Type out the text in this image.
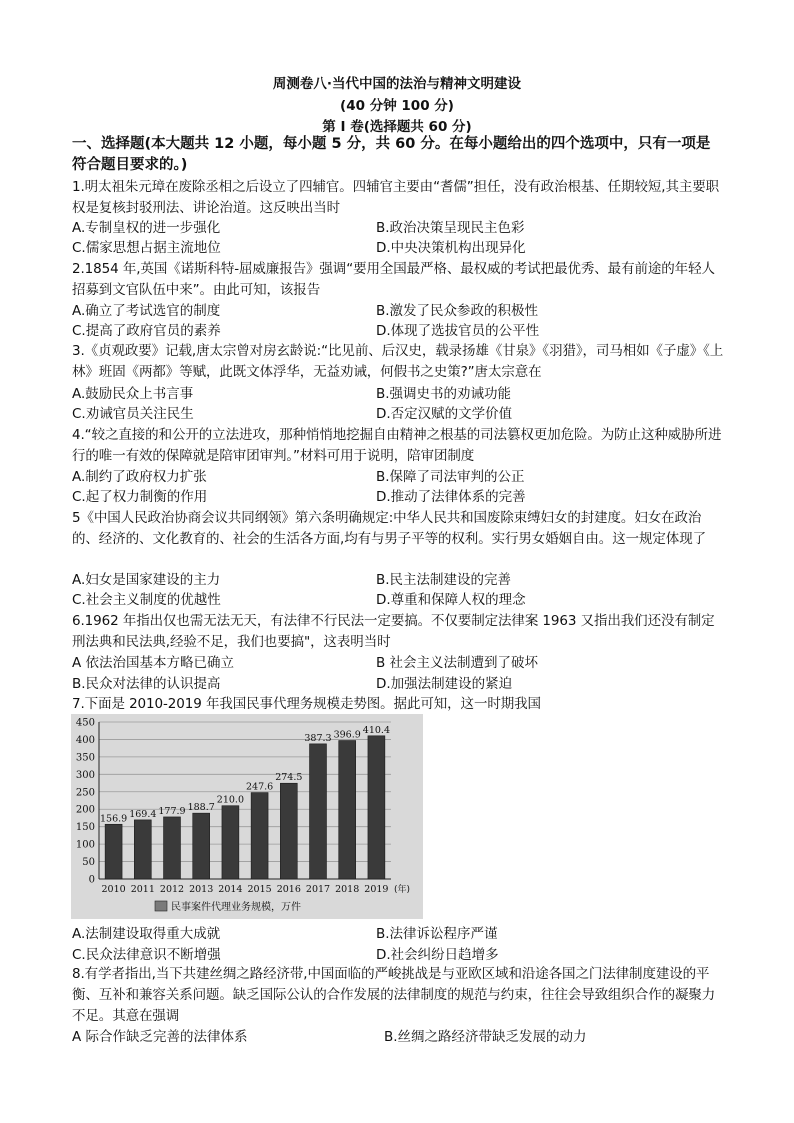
周测卷八·当代中国的法治与精神文明建设
(40 分钟 100 分)
第 I 卷(选择题共 60 分)
一、选择题(本大题共 12 小题，每小题 5 分，共 60 分。在每小题给出的四个选项中，只有一项是符合题目要求的。)
1.明太祖朱元璋在废除丞相之后设立了四辅官。四辅官主要由“耆儒”担任，没有政治根基、任期较短,其主要职权是复核封驳刑法、讲论治道。这反映出当时
A.专制皇权的进一步强化	B.政治决策呈现民主色彩
C.儒家思想占据主流地位	D.中央决策机构出现异化
2.1854 年,英国《诺斯科特-屈威廉报告》强调“要用全国最严格、最权威的考试把最优秀、最有前途的年轻人招募到文官队伍中来”。由此可知，该报告
A.确立了考试选官的制度	B.激发了民众参政的积极性
C.提高了政府官员的素养	D.体现了选拔官员的公平性
3.《贞观政要》记载,唐太宗曾对房玄龄说:“比见前、后汉史，载录扬雄《甘泉》《羽猎》，司马相如《子虚》《上林》班固《两都》等赋，此既文体浮华，无益劝诫，何假书之史策?”唐太宗意在
A.鼓励民众上书言事	B.强调史书的劝诫功能
C.劝诫官员关注民生	D.否定汉赋的文学价值
4.“较之直接的和公开的立法进攻，那种悄悄地挖掘自由精神之根基的司法篡权更加危险。为防止这种威胁所进行的唯一有效的保障就是陪审团审判。”材料可用于说明，陪审团制度
A.制约了政府权力扩张	B.保障了司法审判的公正
C.起了权力制衡的作用	D.推动了法律体系的完善
5《中国人民政治协商会议共同纲领》第六条明确规定:中华人民共和国废除束缚妇女的封建度。妇女在政治的、经济的、文化教育的、社会的生活各方面,均有与男子平等的权利。实行男女婚姻自由。这一规定体现了
A.妇女是国家建设的主力	B.民主法制建设的完善
C.社会主义制度的优越性	D.尊重和保障人权的理念
6.1962 年指出仅也需无法无天，有法律不行民法一定要搞。不仅要制定法律案 1963 又指出我们还没有制定刑法典和民法典,经验不足，我们也要搞"，这表明当时
A 依法治国基本方略已确立	B 社会主义法制遭到了破坏
B.民众对法律的认识提高	D.加强法制建设的紧迫
7.下面是 2010-2019 年我国民事代理务规模走势图。据此可知，这一时期我国
0
50
100
150
200
250
300
350
400
450
156.9
2010
169.4
2011
177.9
2012
188.7
2013
210.0
2014
247.6
2015
274.5
2016
387.3
2017
396.9
2018
410.4
2019 (年)
民事案件代理业务规模，万件
A.法制建设取得重大成就	B.法律诉讼程序严谨
C.民众法律意识不断增强	D.社会纠纷日趋增多
8.有学者指出,当下共建丝绸之路经济带,中国面临的严峻挑战是与亚欧区域和沿途各国之门法律制度建设的平衡、互补和兼容关系问题。缺乏国际公认的合作发展的法律制度的规范与约束，往往会导致组织合作的凝聚力不足。其意在强调
A 际合作缺乏完善的法律体系	B.丝绸之路经济带缺乏发展的动力
